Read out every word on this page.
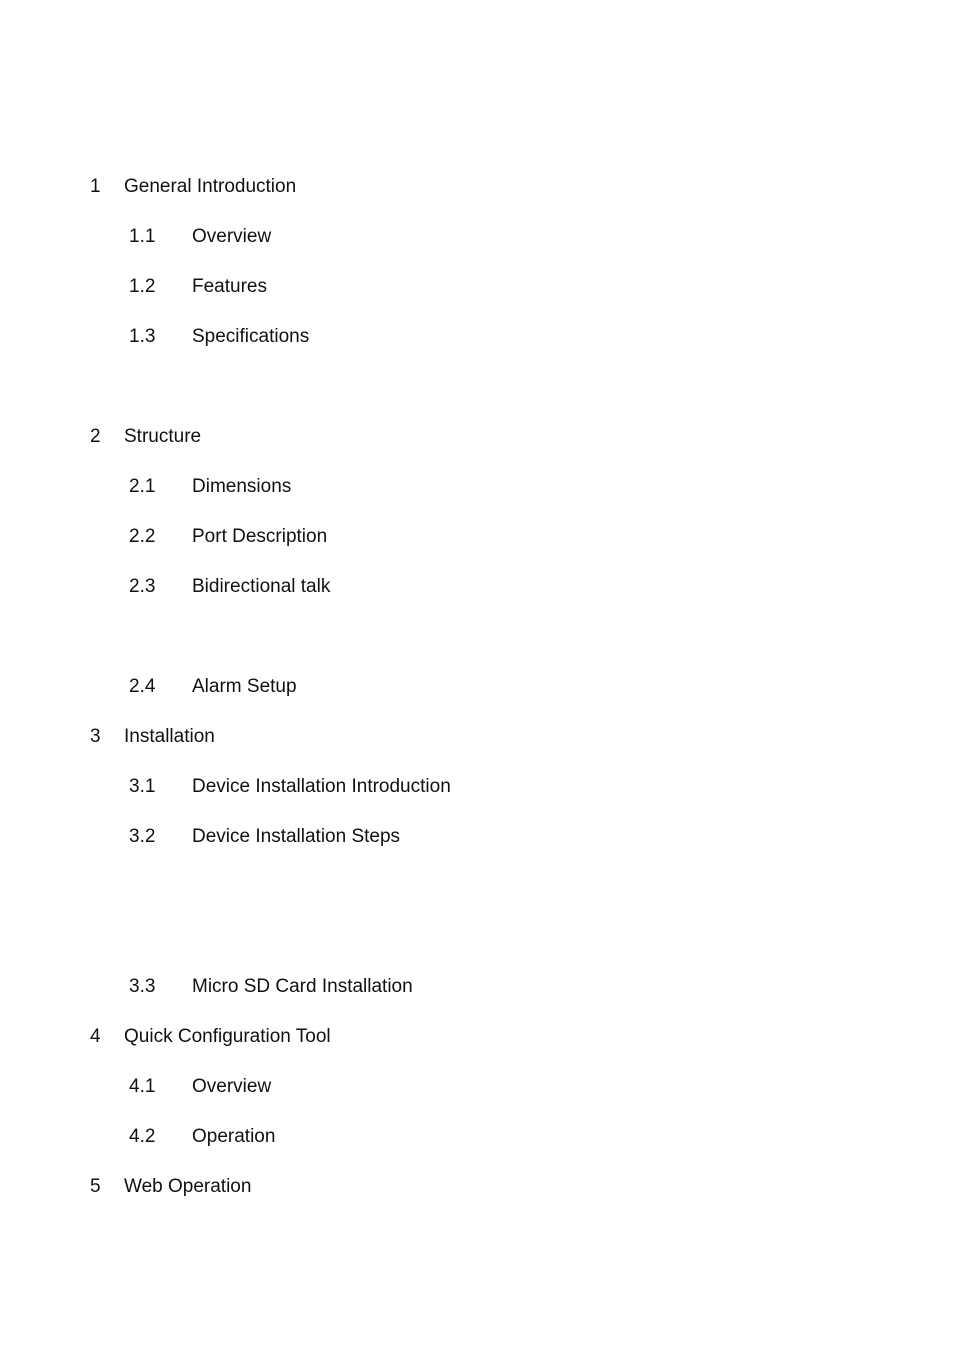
1 General Introduction
1.1 Overview
1.2 Features
1.3 Specifications
2 Structure
2.1 Dimensions
2.2 Port Description
2.3 Bidirectional talk
2.4 Alarm Setup
3 Installation
3.1 Device Installation Introduction
3.2 Device Installation Steps
3.3 Micro SD Card Installation
4 Quick Configuration Tool
4.1 Overview
4.2 Operation
5 Web Operation
